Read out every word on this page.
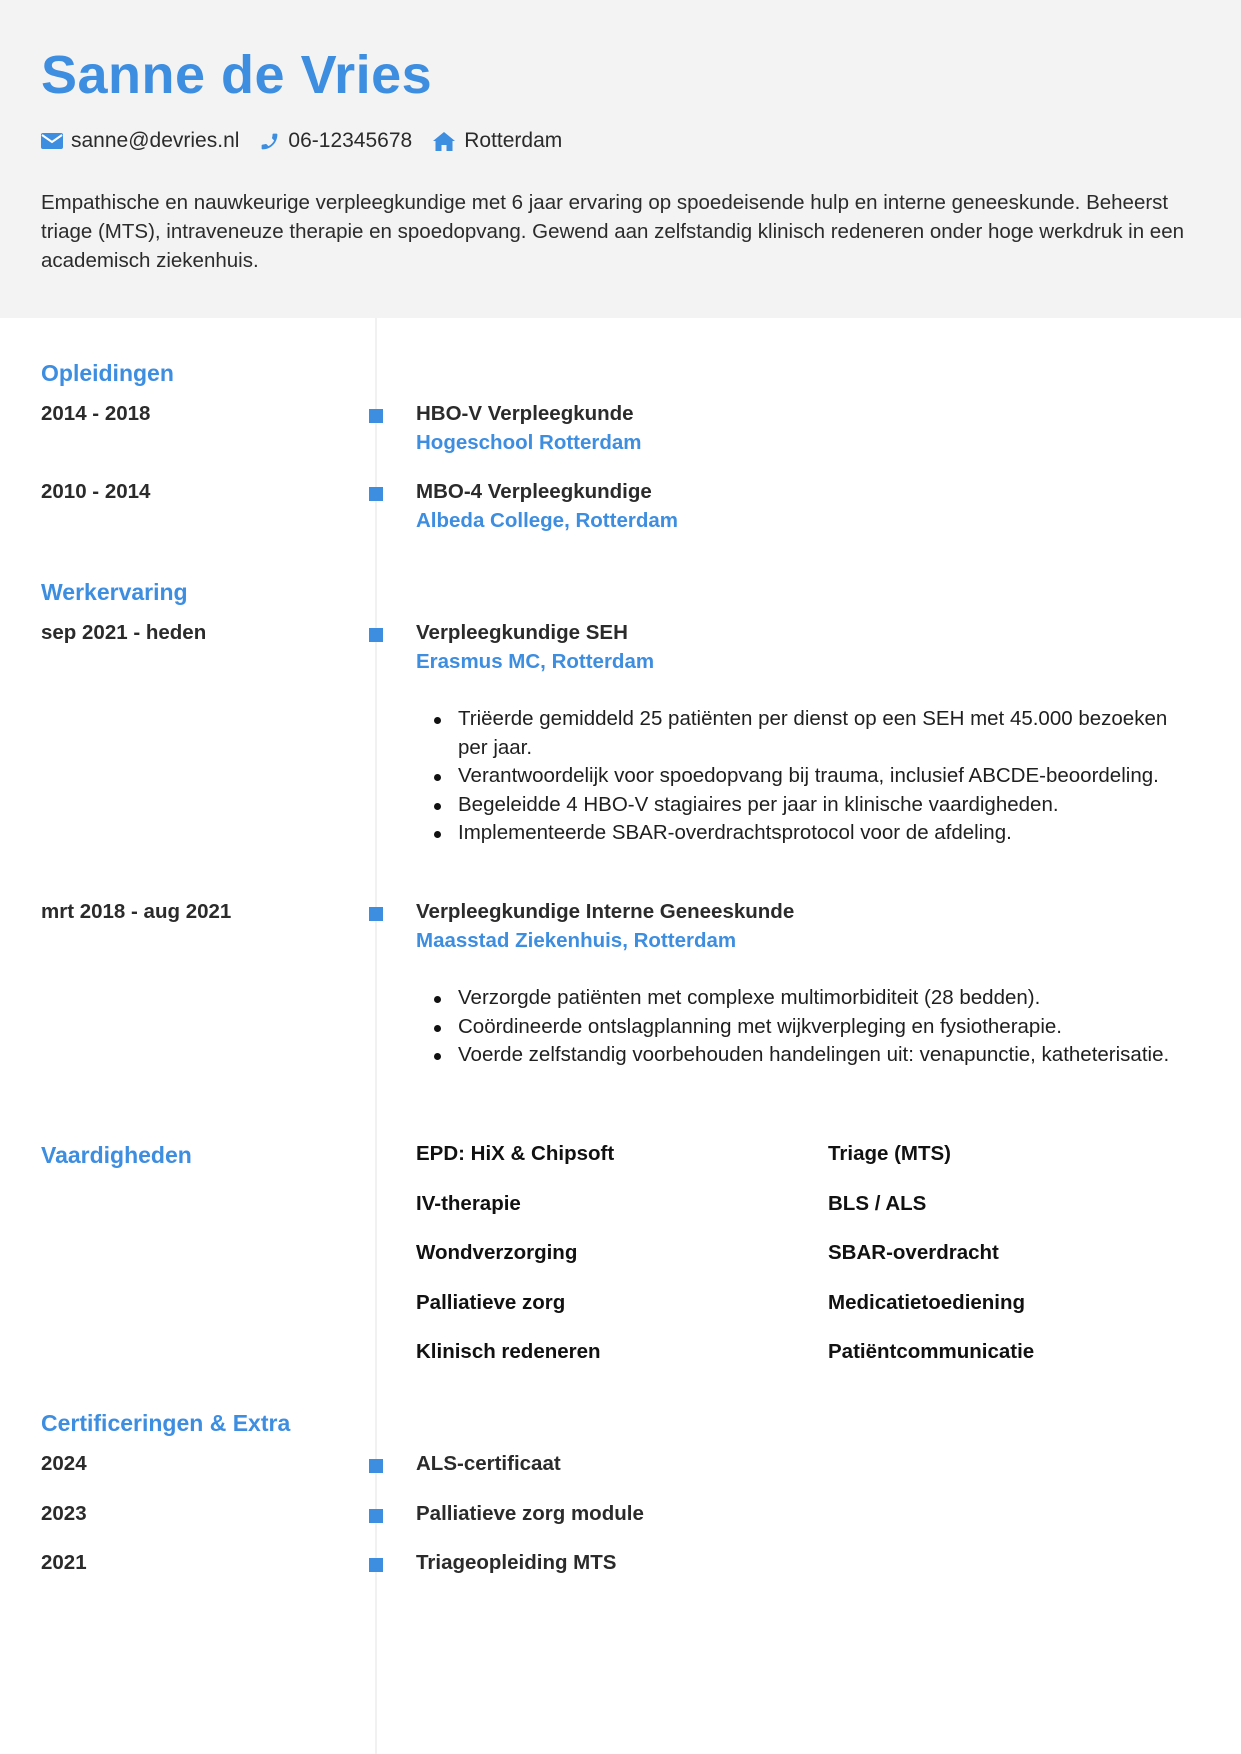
Sanne de Vries
sanne@devries.nl 06-12345678 Rotterdam
Empathische en nauwkeurige verpleegkundige met 6 jaar ervaring op spoedeisende hulp en interne geneeskunde. Beheerst triage (MTS), intraveneuze therapie en spoedopvang. Gewend aan zelfstandig klinisch redeneren onder hoge werkdruk in een academisch ziekenhuis.
Opleidingen
2014 - 2018	HBO-V Verpleegkunde
Hogeschool Rotterdam
2010 - 2014	MBO-4 Verpleegkundige
Albeda College, Rotterdam
Werkervaring
sep 2021 - heden	Verpleegkundige SEH
Erasmus MC, Rotterdam
Triëerde gemiddeld 25 patiënten per dienst op een SEH met 45.000 bezoeken per jaar.
Verantwoordelijk voor spoedopvang bij trauma, inclusief ABCDE-beoordeling.
Begeleidde 4 HBO-V stagiaires per jaar in klinische vaardigheden.
Implementeerde SBAR-overdrachtsprotocol voor de afdeling.
mrt 2018 - aug 2021	Verpleegkundige Interne Geneeskunde
Maasstad Ziekenhuis, Rotterdam
Verzorgde patiënten met complexe multimorbiditeit (28 bedden).
Coördineerde ontslagplanning met wijkverpleging en fysiotherapie.
Voerde zelfstandig voorbehouden handelingen uit: venapunctie, katheterisatie.
Vaardigheden	EPD: HiX & Chipsoft	Triage (MTS)
IV-therapie	BLS / ALS
Wondverzorging	SBAR-overdracht
Palliatieve zorg	Medicatietoediening
Klinisch redeneren	Patiëntcommunicatie
Certificeringen & Extra
2024	ALS-certificaat
2023	Palliatieve zorg module
2021	Triageopleiding MTS
